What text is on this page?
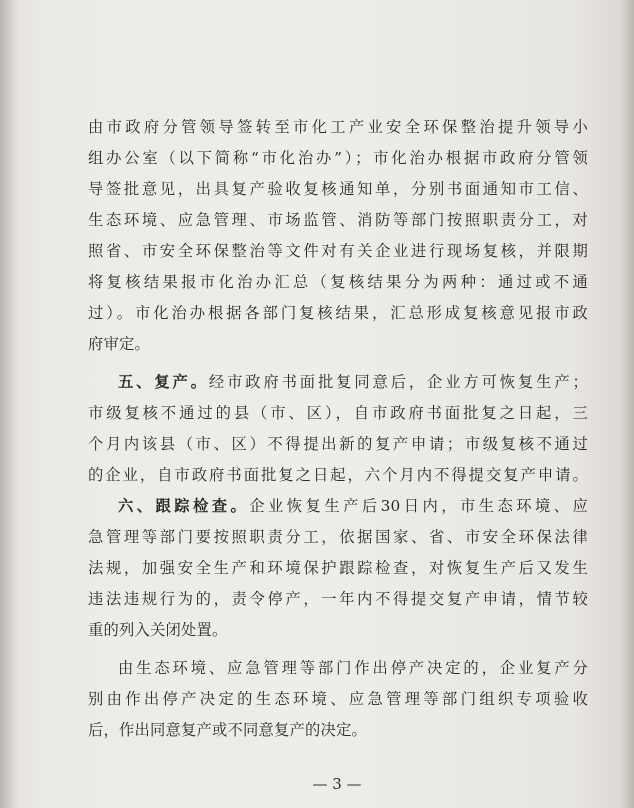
由市政府分管领导签转至市化工产业安全环保整治提升领导小
组办公室（以下简称“市化治办”）；市化治办根据市政府分管领
导签批意见，出具复产验收复核通知单，分别书面通知市工信、
生态环境、应急管理、市场监管、消防等部门按照职责分工，对
照省、市安全环保整治等文件对有关企业进行现场复核，并限期
将复核结果报市化治办汇总（复核结果分为两种：通过或不通
过）。市化治办根据各部门复核结果，汇总形成复核意见报市政
府审定。
五、复产。经市政府书面批复同意后，企业方可恢复生产；
市级复核不通过的县（市、区），自市政府书面批复之日起，三
个月内该县（市、区）不得提出新的复产申请；市级复核不通过
的企业，自市政府书面批复之日起，六个月内不得提交复产申请。
六、跟踪检查。企业恢复生产后30日内，市生态环境、应
急管理等部门要按照职责分工，依据国家、省、市安全环保法律
法规，加强安全生产和环境保护跟踪检查，对恢复生产后又发生
违法违规行为的，责令停产，一年内不得提交复产申请，情节较
重的列入关闭处置。
由生态环境、应急管理等部门作出停产决定的，企业复产分
别由作出停产决定的生态环境、应急管理等部门组织专项验收
后，作出同意复产或不同意复产的决定。
— 3 —
